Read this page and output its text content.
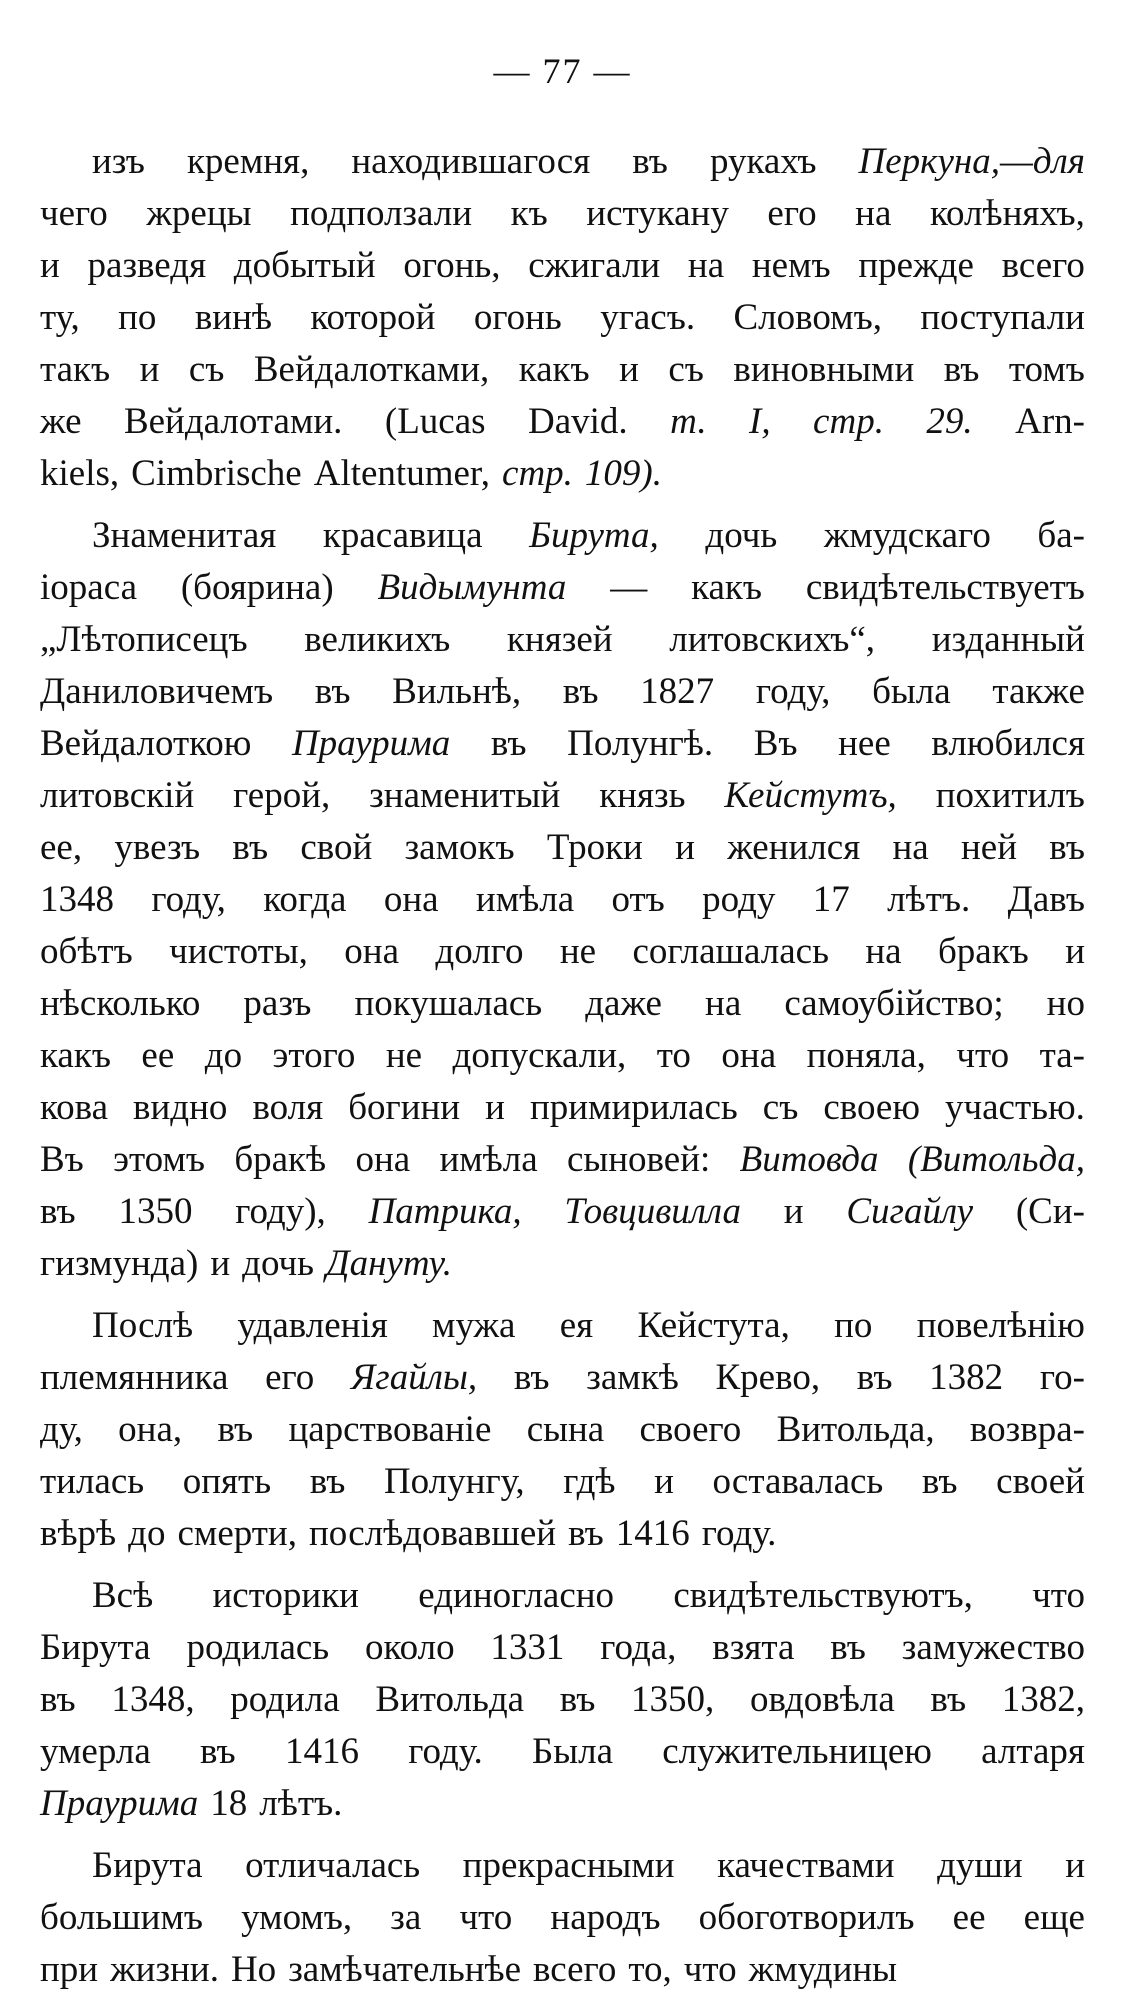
— 77 —
изъ кремня, находившагося въ рукахъ Перкуна,—для
чего жрецы подползали къ истукану его на колѣняхъ,
и разведя добытый огонь, сжигали на немъ прежде всего
ту, по винѣ которой огонь угасъ. Словомъ, поступали
такъ и съ Вейдалотками, какъ и съ виновными въ томъ
же Вейдалотами. (Lucas David. т. I, стр. 29. Arn-
kiels, Cimbrische Altentumer, стр. 109).
Знаменитая красавица Бирута, дочь жмудскаго ба-
іораса (боярина) Видымунта — какъ свидѣтельствуетъ
„Лѣтописецъ великихъ князей литовскихъ“, изданный
Даниловичемъ въ Вильнѣ, въ 1827 году, была также
Вейдалоткою Праурима въ Полунгѣ. Въ нее влюбился
литовскій герой, знаменитый князь Кейстутъ, похитилъ
ее, увезъ въ свой замокъ Троки и женился на ней въ
1348 году, когда она имѣла отъ роду 17 лѣтъ. Давъ
обѣтъ чистоты, она долго не соглашалась на бракъ и
нѣсколько разъ покушалась даже на самоубійство; но
какъ ее до этого не допускали, то она поняла, что та-
кова видно воля богини и примирилась съ своею участью.
Въ этомъ бракѣ она имѣла сыновей: Витовда (Витольда,
въ 1350 году), Патрика, Товцивилла и Сигайлу (Си-
гизмунда) и дочь Дануту.
Послѣ удавленія мужа ея Кейстута, по повелѣнію
племянника его Ягайлы, въ замкѣ Крево, въ 1382 го-
ду, она, въ царствованіе сына своего Витольда, возвра-
тилась опять въ Полунгу, гдѣ и оставалась въ своей
вѣрѣ до смерти, послѣдовавшей въ 1416 году.
Всѣ историки единогласно свидѣтельствуютъ, что
Бирута родилась около 1331 года, взята въ замужество
въ 1348, родила Витольда въ 1350, овдовѣла въ 1382,
умерла въ 1416 году. Была служительницею алтаря
Праурима 18 лѣтъ.
Бирута отличалась прекрасными качествами души и
большимъ умомъ, за что народъ обоготворилъ ее еще
при жизни. Но замѣчательнѣе всего то, что жмудины
